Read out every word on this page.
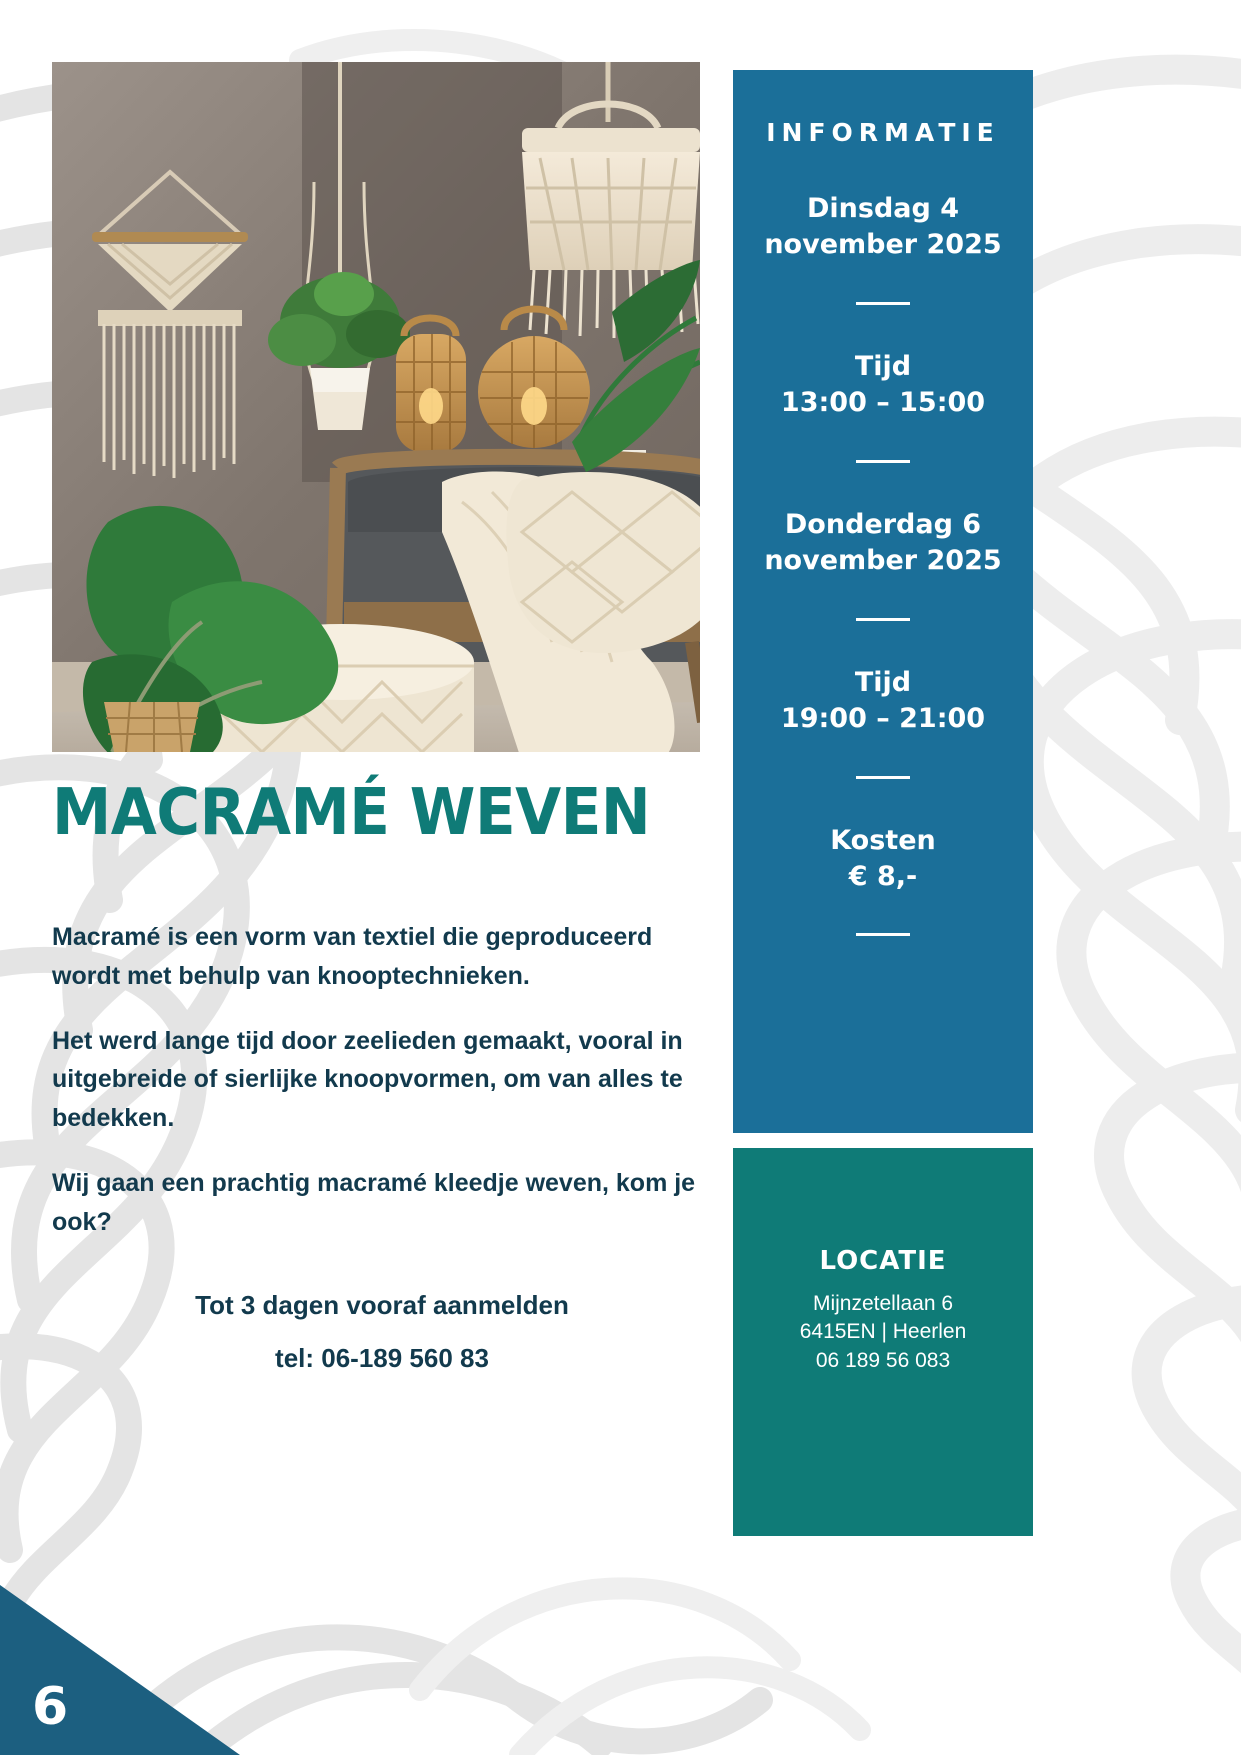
MACRAMÉ WEVEN

Macramé is een vorm van textiel die geproduceerd wordt met behulp van knooptechnieken.

Het werd lange tijd door zeelieden gemaakt, vooral in uitgebreide of sierlijke knoopvormen, om van alles te bedekken.

Wij gaan een prachtig macramé kleedje weven, kom je ook?

Tot 3 dagen vooraf aanmelden
tel: 06-189 560 83
INFORMATIE
Dinsdag 4
november 2025
Tijd
13:00 – 15:00
Donderdag 6
november 2025
Tijd
19:00 – 21:00
Kosten
€ 8,-
LOCATIE
Mijnzetellaan 6
6415EN | Heerlen
06 189 56 083
6
